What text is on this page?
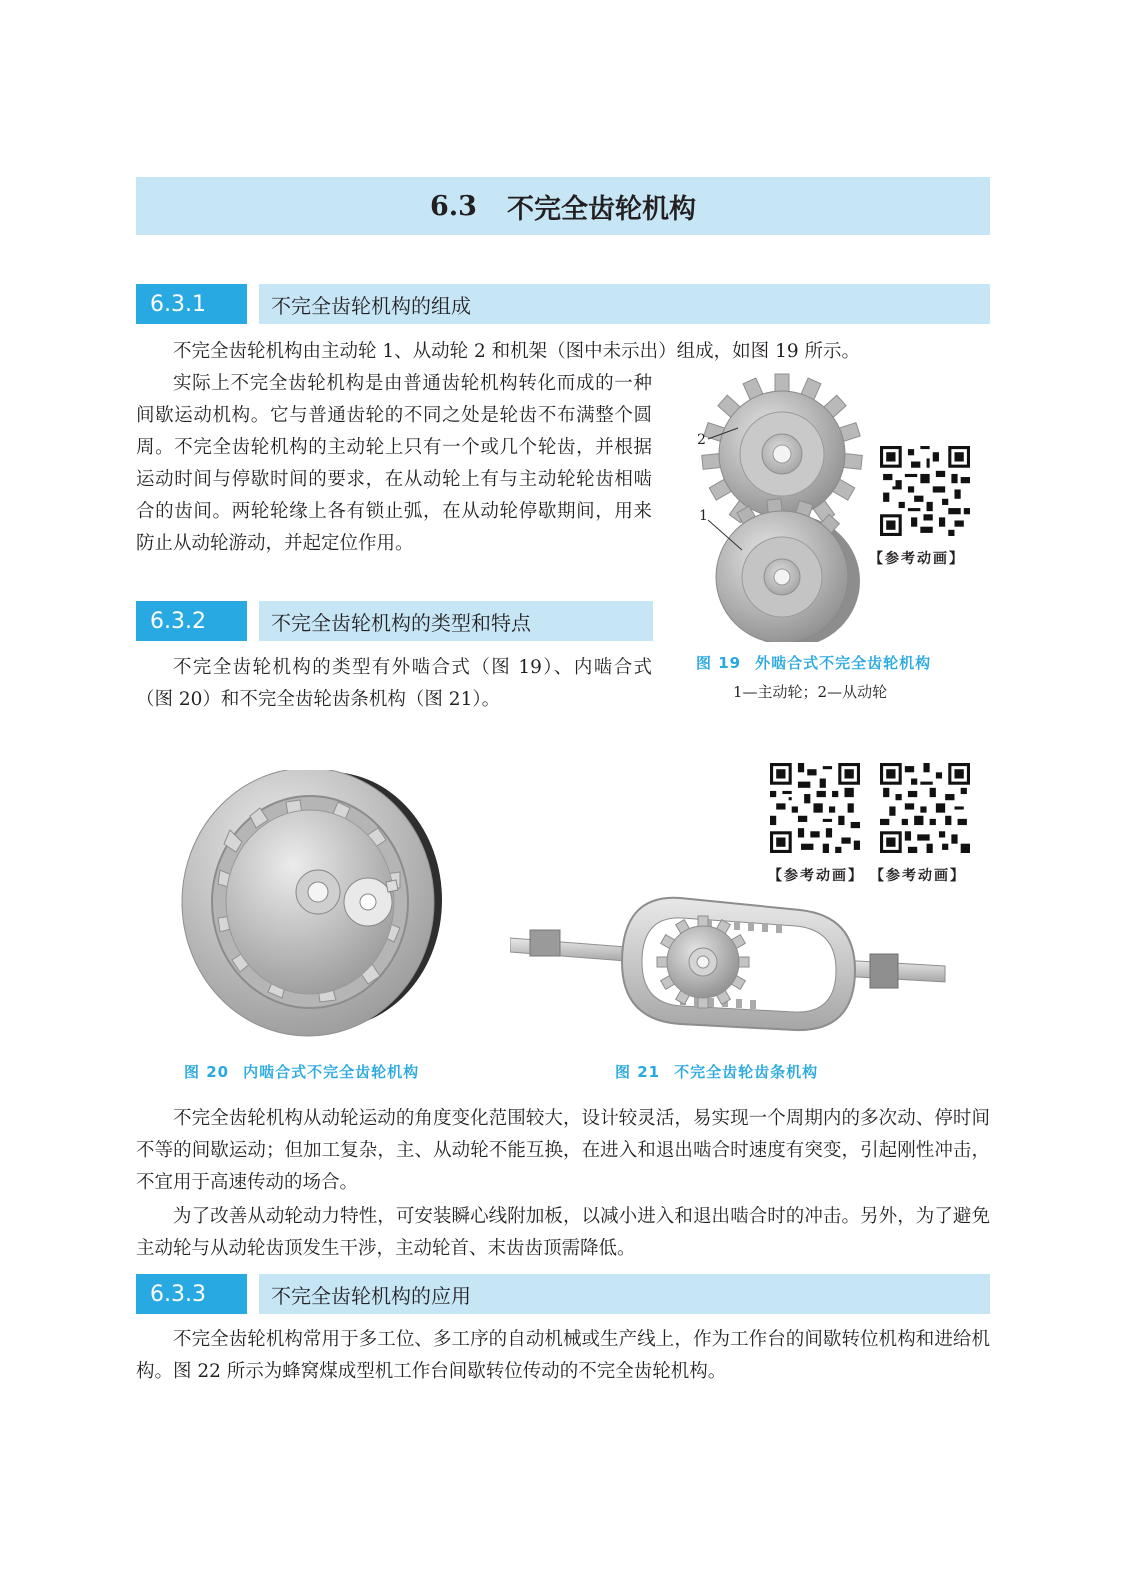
6.3 不完全齿轮机构
6.3.1	不完全齿轮机构的组成

不完全齿轮机构由主动轮 1、从动轮 2 和机架（图中未示出）组成，如图 19 所示。

实际上不完全齿轮机构是由普通齿轮机构转化而成的一种间歇运动机构。它与普通齿轮的不同之处是轮齿不布满整个圆周。不完全齿轮机构的主动轮上只有一个或几个轮齿，并根据运动时间与停歇时间的要求，在从动轮上有与主动轮轮齿相啮合的齿间。两轮轮缘上各有锁止弧，在从动轮停歇期间，用来防止从动轮游动，并起定位作用。

6.3.2	不完全齿轮机构的类型和特点

不完全齿轮机构的类型有外啮合式（图 19）、内啮合式（图 20）和不完全齿轮齿条机构（图 21）。

2
1
【参考动画】
图 19 外啮合式不完全齿轮机构
1—主动轮；2—从动轮
【参考动画】 【参考动画】
图 20 内啮合式不完全齿轮机构	图 21 不完全齿轮齿条机构

不完全齿轮机构从动轮运动的角度变化范围较大，设计较灵活，易实现一个周期内的多次动、停时间不等的间歇运动；但加工复杂，主、从动轮不能互换，在进入和退出啮合时速度有突变，引起刚性冲击，不宜用于高速传动的场合。

为了改善从动轮动力特性，可安装瞬心线附加板，以减小进入和退出啮合时的冲击。另外，为了避免主动轮与从动轮齿顶发生干涉，主动轮首、末齿齿顶需降低。

6.3.3	不完全齿轮机构的应用

不完全齿轮机构常用于多工位、多工序的自动机械或生产线上，作为工作台的间歇转位机构和进给机构。图 22 所示为蜂窝煤成型机工作台间歇转位传动的不完全齿轮机构。
